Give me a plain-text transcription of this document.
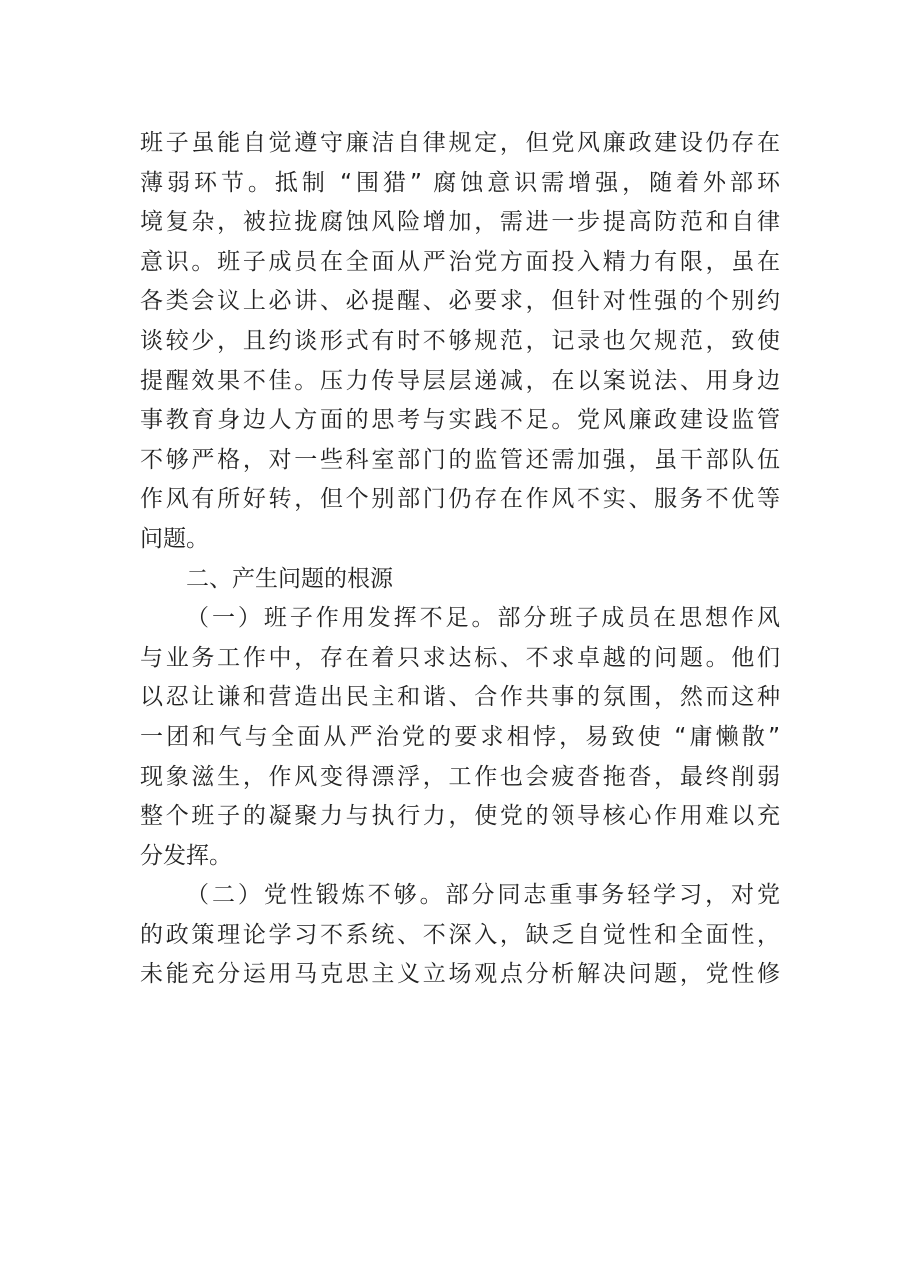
班子虽能自觉遵守廉洁自律规定，但党风廉政建设仍存在
薄弱环节。抵制 “围猎” 腐蚀意识需增强，随着外部环
境复杂，被拉拢腐蚀风险增加，需进一步提高防范和自律
意识。班子成员在全面从严治党方面投入精力有限，虽在
各类会议上必讲、必提醒、必要求，但针对性强的个别约
谈较少，且约谈形式有时不够规范，记录也欠规范，致使
提醒效果不佳。压力传导层层递减，在以案说法、用身边
事教育身边人方面的思考与实践不足。党风廉政建设监管
不够严格，对一些科室部门的监管还需加强，虽干部队伍
作风有所好转，但个别部门仍存在作风不实、服务不优等
问题。
二、产生问题的根源
（一）班子作用发挥不足。部分班子成员在思想作风
与业务工作中，存在着只求达标、不求卓越的问题。他们
以忍让谦和营造出民主和谐、合作共事的氛围，然而这种
一团和气与全面从严治党的要求相悖，易致使 “庸懒散”
现象滋生，作风变得漂浮，工作也会疲沓拖沓，最终削弱
整个班子的凝聚力与执行力，使党的领导核心作用难以充
分发挥。
（二）党性锻炼不够。部分同志重事务轻学习，对党
的政策理论学习不系统、不深入，缺乏自觉性和全面性，
未能充分运用马克思主义立场观点分析解决问题，党性修
